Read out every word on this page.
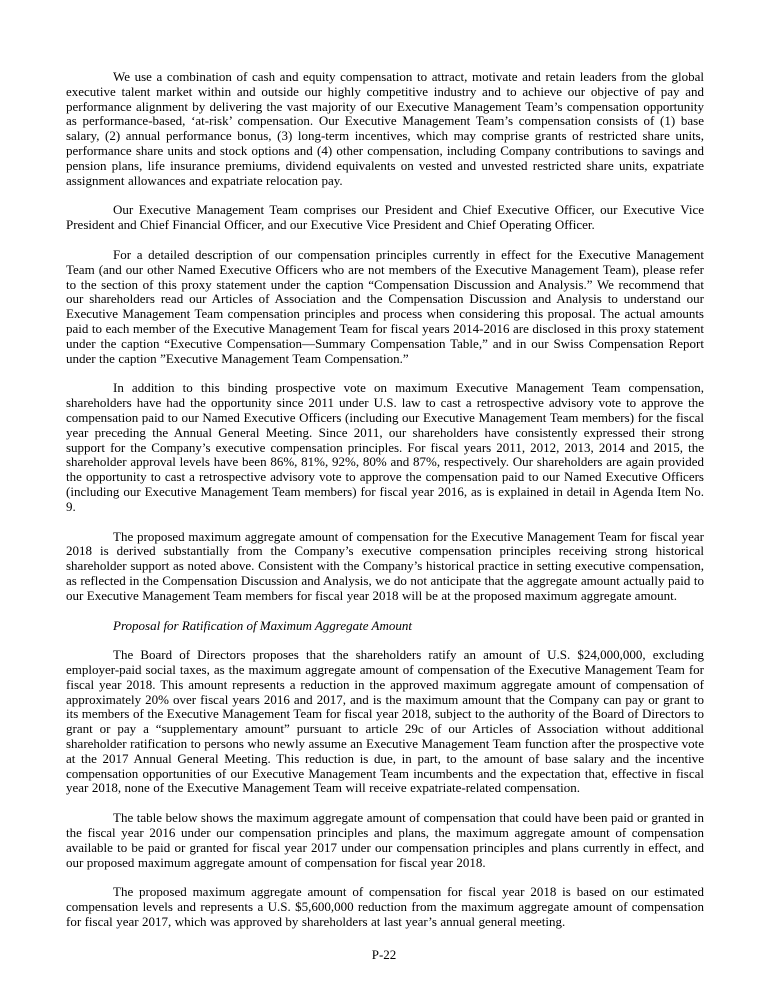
We use a combination of cash and equity compensation to attract, motivate and retain leaders from the global executive talent market within and outside our highly competitive industry and to achieve our objective of pay and performance alignment by delivering the vast majority of our Executive Management Team’s compensation opportunity as performance-based, ‘at-risk’ compensation. Our Executive Management Team’s compensation consists of (1) base salary, (2) annual performance bonus, (3) long-term incentives, which may comprise grants of restricted share units, performance share units and stock options and (4) other compensation, including Company contributions to savings and pension plans, life insurance premiums, dividend equivalents on vested and unvested restricted share units, expatriate assignment allowances and expatriate relocation pay.

Our Executive Management Team comprises our President and Chief Executive Officer, our Executive Vice President and Chief Financial Officer, and our Executive Vice President and Chief Operating Officer.

For a detailed description of our compensation principles currently in effect for the Executive Management Team (and our other Named Executive Officers who are not members of the Executive Management Team), please refer to the section of this proxy statement under the caption “Compensation Discussion and Analysis.” We recommend that our shareholders read our Articles of Association and the Compensation Discussion and Analysis to understand our Executive Management Team compensation principles and process when considering this proposal. The actual amounts paid to each member of the Executive Management Team for fiscal years 2014-2016 are disclosed in this proxy statement under the caption “Executive Compensation—Summary Compensation Table,” and in our Swiss Compensation Report under the caption ”Executive Management Team Compensation.”

In addition to this binding prospective vote on maximum Executive Management Team compensation, shareholders have had the opportunity since 2011 under U.S. law to cast a retrospective advisory vote to approve the compensation paid to our Named Executive Officers (including our Executive Management Team members) for the fiscal year preceding the Annual General Meeting. Since 2011, our shareholders have consistently expressed their strong support for the Company’s executive compensation principles. For fiscal years 2011, 2012, 2013, 2014 and 2015, the shareholder approval levels have been 86%, 81%, 92%, 80% and 87%, respectively. Our shareholders are again provided the opportunity to cast a retrospective advisory vote to approve the compensation paid to our Named Executive Officers (including our Executive Management Team members) for fiscal year 2016, as is explained in detail in Agenda Item No. 9.

The proposed maximum aggregate amount of compensation for the Executive Management Team for fiscal year 2018 is derived substantially from the Company’s executive compensation principles receiving strong historical shareholder support as noted above. Consistent with the Company’s historical practice in setting executive compensation, as reflected in the Compensation Discussion and Analysis, we do not anticipate that the aggregate amount actually paid to our Executive Management Team members for fiscal year 2018 will be at the proposed maximum aggregate amount.

Proposal for Ratification of Maximum Aggregate Amount

The Board of Directors proposes that the shareholders ratify an amount of U.S. $24,000,000, excluding employer-paid social taxes, as the maximum aggregate amount of compensation of the Executive Management Team for fiscal year 2018. This amount represents a reduction in the approved maximum aggregate amount of compensation of approximately 20% over fiscal years 2016 and 2017, and is the maximum amount that the Company can pay or grant to its members of the Executive Management Team for fiscal year 2018, subject to the authority of the Board of Directors to grant or pay a “supplementary amount” pursuant to article 29c of our Articles of Association without additional shareholder ratification to persons who newly assume an Executive Management Team function after the prospective vote at the 2017 Annual General Meeting. This reduction is due, in part, to the amount of base salary and the incentive compensation opportunities of our Executive Management Team incumbents and the expectation that, effective in fiscal year 2018, none of the Executive Management Team will receive expatriate-related compensation.

The table below shows the maximum aggregate amount of compensation that could have been paid or granted in the fiscal year 2016 under our compensation principles and plans, the maximum aggregate amount of compensation available to be paid or granted for fiscal year 2017 under our compensation principles and plans currently in effect, and our proposed maximum aggregate amount of compensation for fiscal year 2018.

The proposed maximum aggregate amount of compensation for fiscal year 2018 is based on our estimated compensation levels and represents a U.S. $5,600,000 reduction from the maximum aggregate amount of compensation for fiscal year 2017, which was approved by shareholders at last year’s annual general meeting.

P-22
